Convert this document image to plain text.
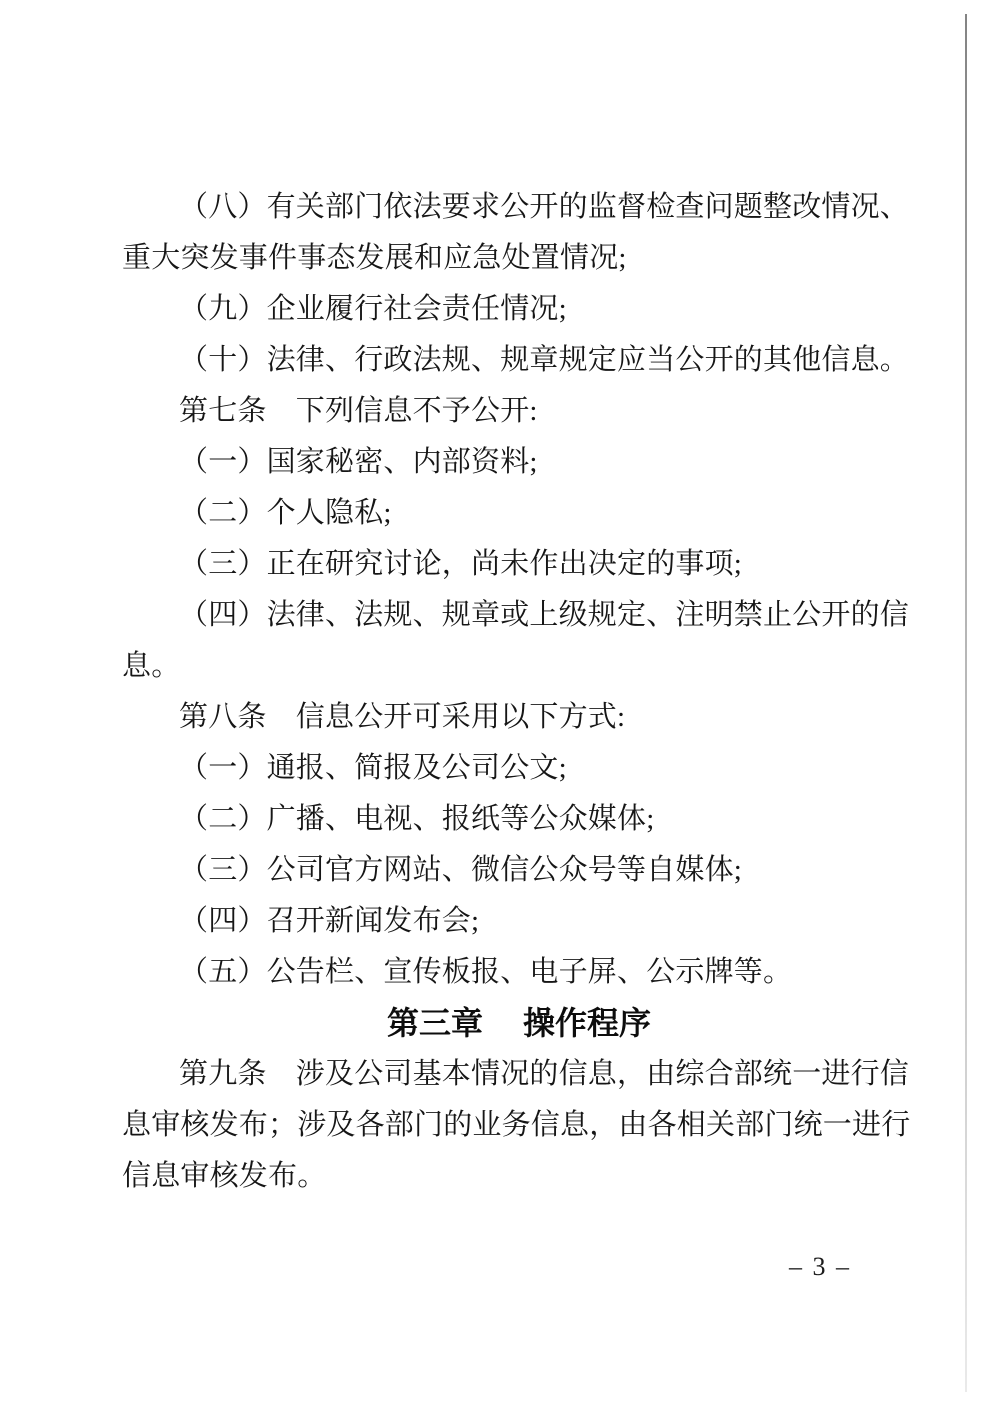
（八）有关部门依法要求公开的监督检查问题整改情况、
重大突发事件事态发展和应急处置情况;
（九）企业履行社会责任情况;
（十）法律、行政法规、规章规定应当公开的其他信息。
第七条　下列信息不予公开:
（一）国家秘密、内部资料;
（二）个人隐私;
（三）正在研究讨论，尚未作出决定的事项;
（四）法律、法规、规章或上级规定、注明禁止公开的信
息。
第八条　信息公开可采用以下方式:
（一）通报、简报及公司公文;
（二）广播、电视、报纸等公众媒体;
（三）公司官方网站、微信公众号等自媒体;
（四）召开新闻发布会;
（五）公告栏、宣传板报、电子屏、公示牌等。
第三章　 操作程序
第九条　涉及公司基本情况的信息，由综合部统一进行信
息审核发布；涉及各部门的业务信息，由各相关部门统一进行
信息审核发布。
– 3 –
